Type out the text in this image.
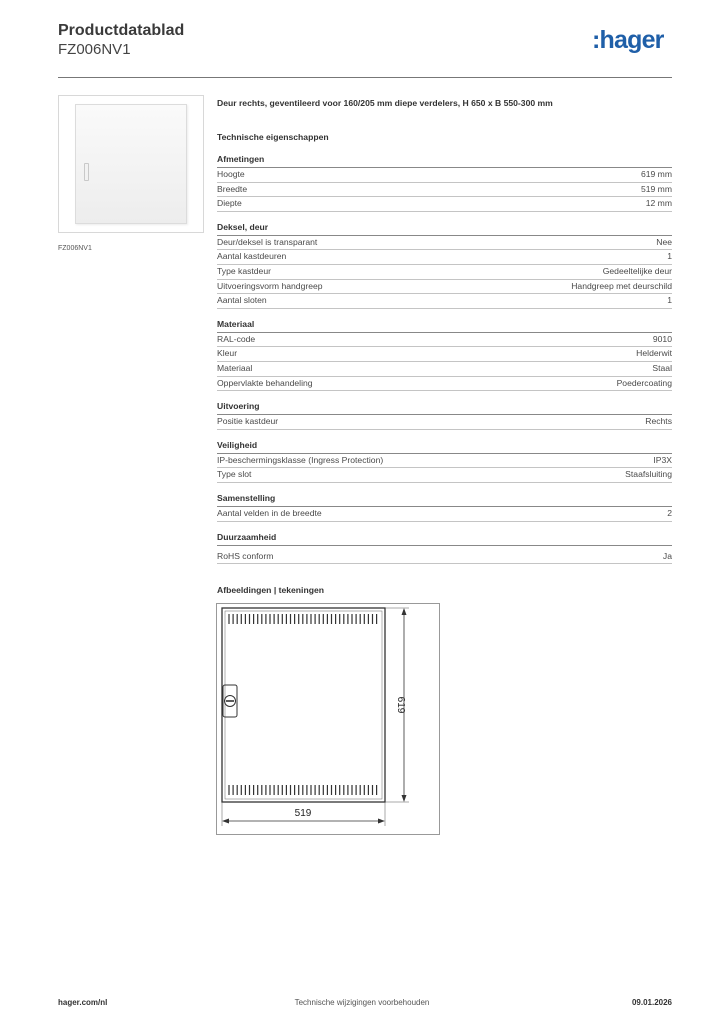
Productdatablad
FZ006NV1	:hager
FZ006NV1
Deur rechts, geventileerd voor 160/205 mm diepe verdelers, H 650 x B 550-300 mm
Technische eigenschappen
Afmetingen
Hoogte	619 mm
Breedte	519 mm
Diepte	12 mm
Deksel, deur
Deur/deksel is transparant	Nee
Aantal kastdeuren	1
Type kastdeur	Gedeeltelijke deur
Uitvoeringsvorm handgreep	Handgreep met deurschild
Aantal sloten	1
Materiaal
RAL-code	9010
Kleur	Helderwit
Materiaal	Staal
Oppervlakte behandeling	Poedercoating
Uitvoering
Positie kastdeur	Rechts
Veiligheid
IP-beschermingsklasse (Ingress Protection)	IP3X
Type slot	Staafsluiting
Samenstelling
Aantal velden in de breedte	2
Duurzaamheid
RoHS conform	Ja
Afbeeldingen | tekeningen
619
519
hager.com/nl	Technische wijzigingen voorbehouden	09.01.2026
